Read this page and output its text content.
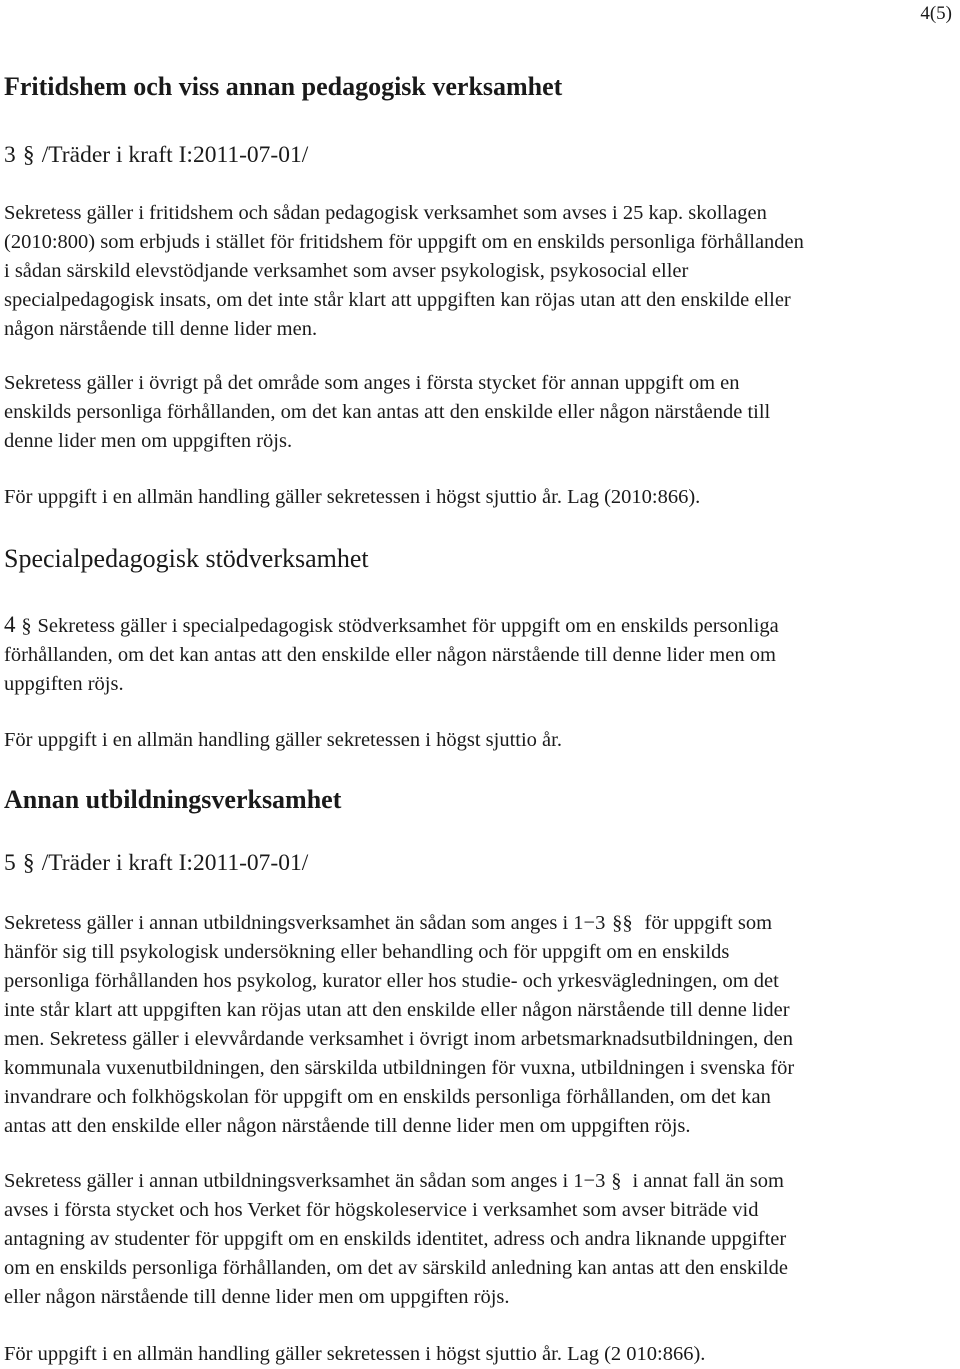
4(5)
Fritidshem och viss annan pedagogisk verksamhet
3 § /Träder i kraft I:2011-07-01/
Sekretess gäller i fritidshem och sådan pedagogisk verksamhet som avses i 25 kap. skollagen
(2010:800) som erbjuds i stället för fritidshem för uppgift om en enskilds personliga förhållanden
i sådan särskild elevstödjande verksamhet som avser psykologisk, psykosocial eller
specialpedagogisk insats, om det inte står klart att uppgiften kan röjas utan att den enskilde eller
någon närstående till denne lider men.
Sekretess gäller i övrigt på det område som anges i första stycket för annan uppgift om en
enskilds personliga förhållanden, om det kan antas att den enskilde eller någon närstående till
denne lider men om uppgiften röjs.
För uppgift i en allmän handling gäller sekretessen i högst sjuttio år. Lag (2010:866).
Specialpedagogisk stödverksamhet
4 § Sekretess gäller i specialpedagogisk stödverksamhet för uppgift om en enskilds personliga
förhållanden, om det kan antas att den enskilde eller någon närstående till denne lider men om
uppgiften röjs.
För uppgift i en allmän handling gäller sekretessen i högst sjuttio år.
Annan utbildningsverksamhet
5 § /Träder i kraft I:2011-07-01/
Sekretess gäller i annan utbildningsverksamhet än sådan som anges i 1−3 §§ för uppgift som
hänför sig till psykologisk undersökning eller behandling och för uppgift om en enskilds
personliga förhållanden hos psykolog, kurator eller hos studie- och yrkesvägledningen, om det
inte står klart att uppgiften kan röjas utan att den enskilde eller någon närstående till denne lider
men. Sekretess gäller i elevvårdande verksamhet i övrigt inom arbetsmarknadsutbildningen, den
kommunala vuxenutbildningen, den särskilda utbildningen för vuxna, utbildningen i svenska för
invandrare och folkhögskolan för uppgift om en enskilds personliga förhållanden, om det kan
antas att den enskilde eller någon närstående till denne lider men om uppgiften röjs.
Sekretess gäller i annan utbildningsverksamhet än sådan som anges i 1−3 § i annat fall än som
avses i första stycket och hos Verket för högskoleservice i verksamhet som avser biträde vid
antagning av studenter för uppgift om en enskilds identitet, adress och andra liknande uppgifter
om en enskilds personliga förhållanden, om det av särskild anledning kan antas att den enskilde
eller någon närstående till denne lider men om uppgiften röjs.
För uppgift i en allmän handling gäller sekretessen i högst sjuttio år. Lag (2 010:866).
